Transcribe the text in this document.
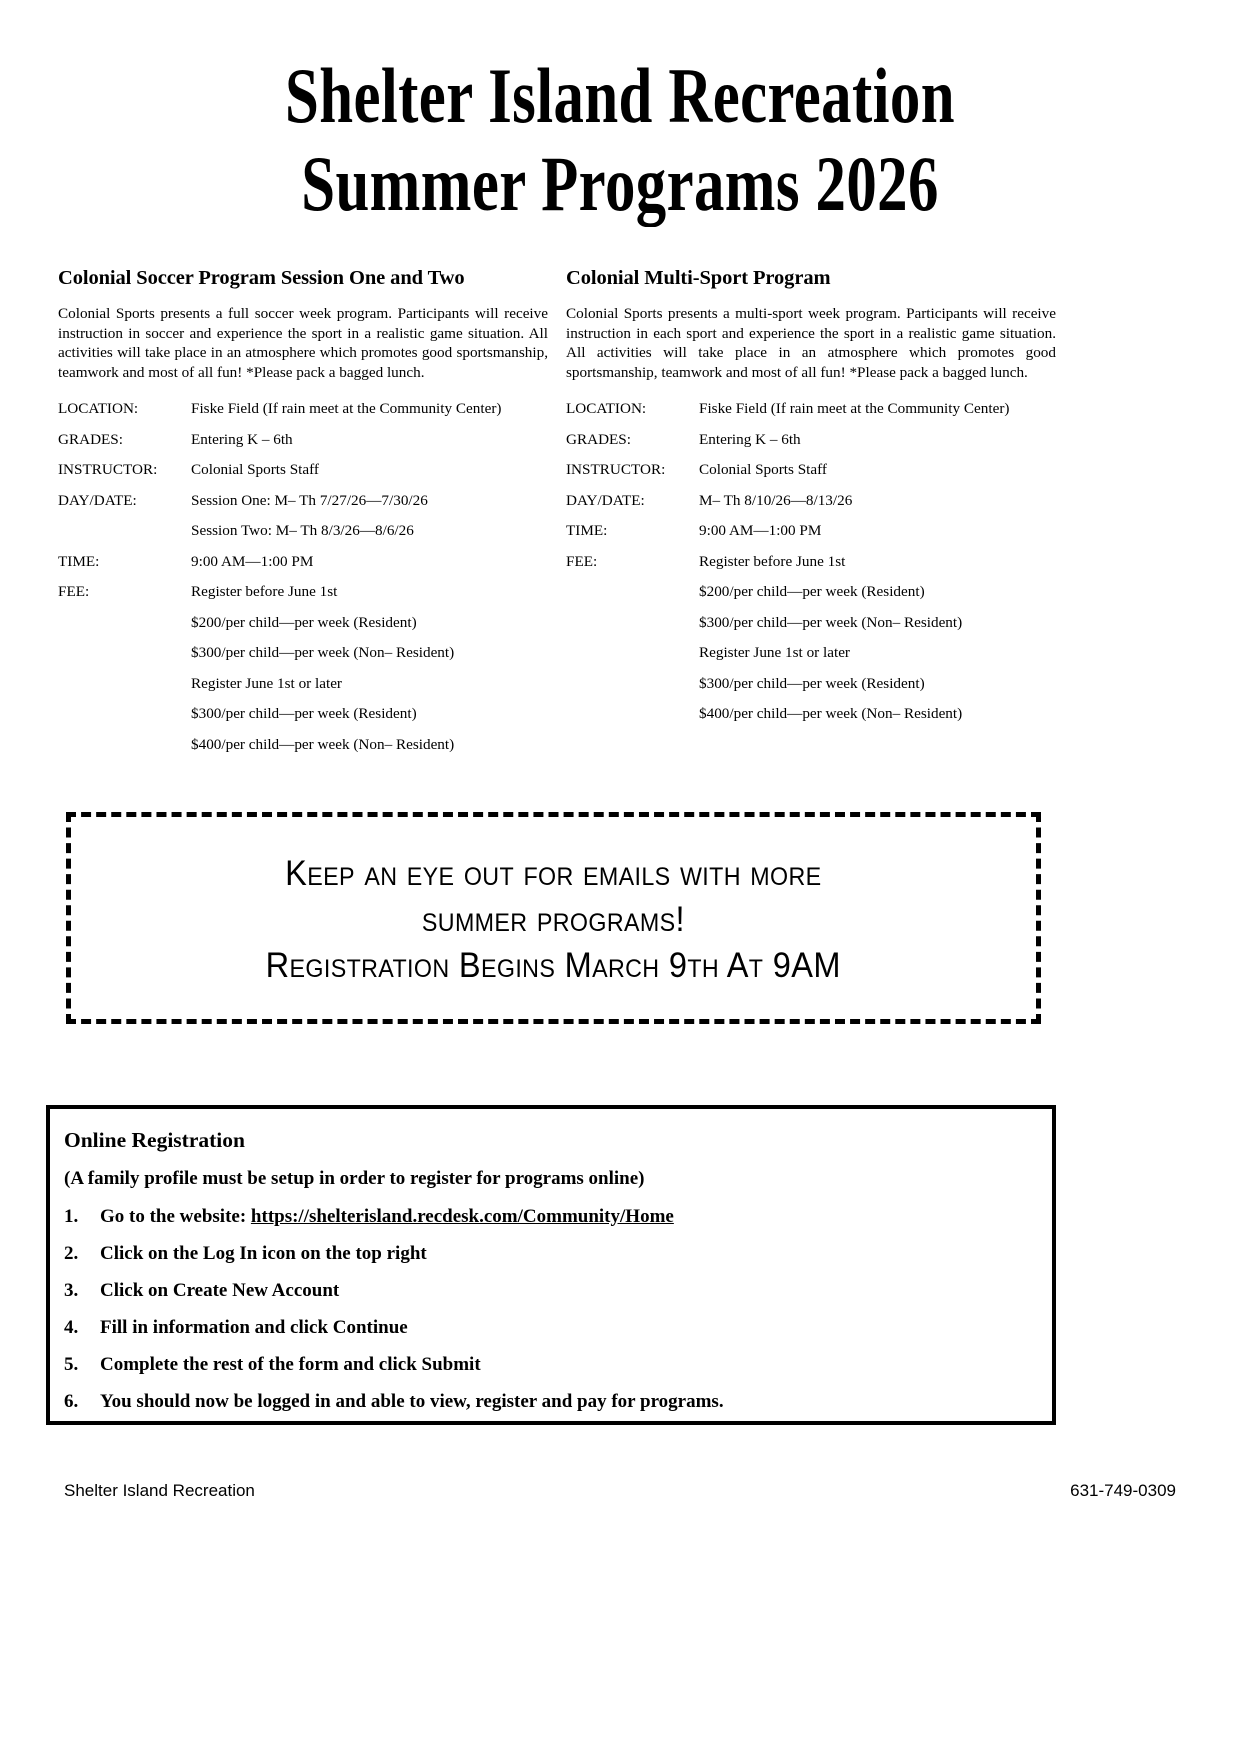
Shelter Island Recreation
Summer Programs 2026
Colonial Soccer Program Session One and Two
Colonial Sports presents a full soccer week program. Participants will receive instruction in soccer and experience the sport in a realistic game situation. All activities will take place in an atmosphere which promotes good sportsmanship, teamwork and most of all fun! *Please pack a bagged lunch.
LOCATION:	Fiske Field (If rain meet at the Community Center)
GRADES:	Entering K – 6th
INSTRUCTOR:	Colonial Sports Staff
DAY/DATE:	Session One: M– Th 7/27/26—​7/30/26
Session Two: M– Th 8/3/26—​8/6/26
TIME:	9:00 AM—​1:00 PM
FEE:	Register before June 1st
$200/per child—​per week (Resident)
$300/per child—​per week (Non– Resident)
Register June 1st or later
$300/per child—​per week (Resident)
$400/per child—​per week (Non– Resident)
Colonial Multi-Sport Program
Colonial Sports presents a multi-sport week program. Participants will receive instruction in each sport and experience the sport in a realistic game situation. All activities will take place in an atmosphere which promotes good sportsmanship, teamwork and most of all fun! *Please pack a bagged lunch.
LOCATION:	Fiske Field (If rain meet at the Community Center)
GRADES:	Entering K – 6th
INSTRUCTOR:	Colonial Sports Staff
DAY/DATE:	M– Th 8/10/26—​8/13/26
TIME:	9:00 AM—​1:00 PM
FEE:	Register before June 1st
$200/per child—​per week (Resident)
$300/per child—​per week (Non– Resident)
Register June 1st or later
$300/per child—​per week (Resident)
$400/per child—​per week (Non– Resident)
Keep an eye out for emails with more
summer programs!
Registration Begins March 9th At 9AM
Online Registration
(A family profile must be setup in order to register for programs online)
1.	Go to the website: https://shelterisland.recdesk.com/Community/Home
2.	Click on the Log In icon on the top right
3.	Click on Create New Account
4.	Fill in information and click Continue
5.	Complete the rest of the form and click Submit
6.	You should now be logged in and able to view, register and pay for programs.
Shelter Island Recreation	631-749-0309
